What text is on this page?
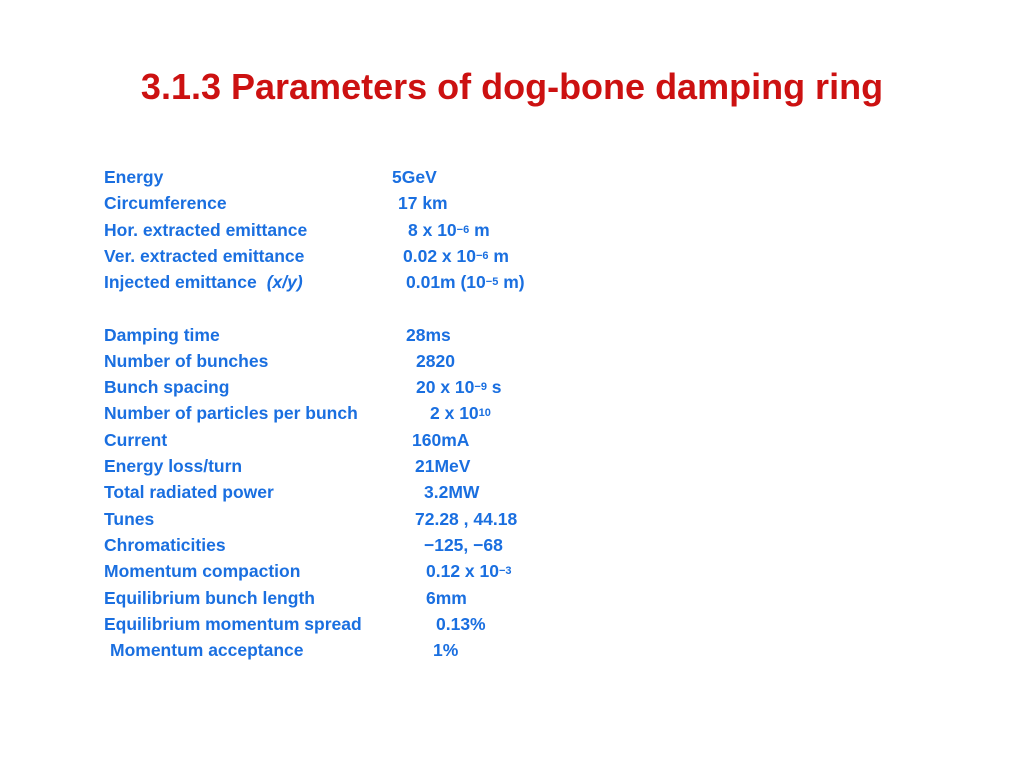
3.1.3 Parameters of dog-bone damping ring
Energy	5GeV
Circumference	17 km
Hor. extracted emittance	8 x $10^{-6}$ m
Ver. extracted emittance	0.02 x $10^{-6}$ m
Injected emittance (x/y)	0.01m ($10^{-5}$ m)
Damping time	28ms
Number of bunches	2820
Bunch spacing	20 x $10^{-9}$ s
Number of particles per bunch	2 x $10^{10}$
Current	160mA
Energy loss/turn	21MeV
Total radiated power	3.2MW
Tunes	72.28 , 44.18
Chromaticities	−125, −68
Momentum compaction	0.12 x $10^{-3}$
Equilibrium bunch length	6mm
Equilibrium momentum spread	0.13%
Momentum acceptance	1%
